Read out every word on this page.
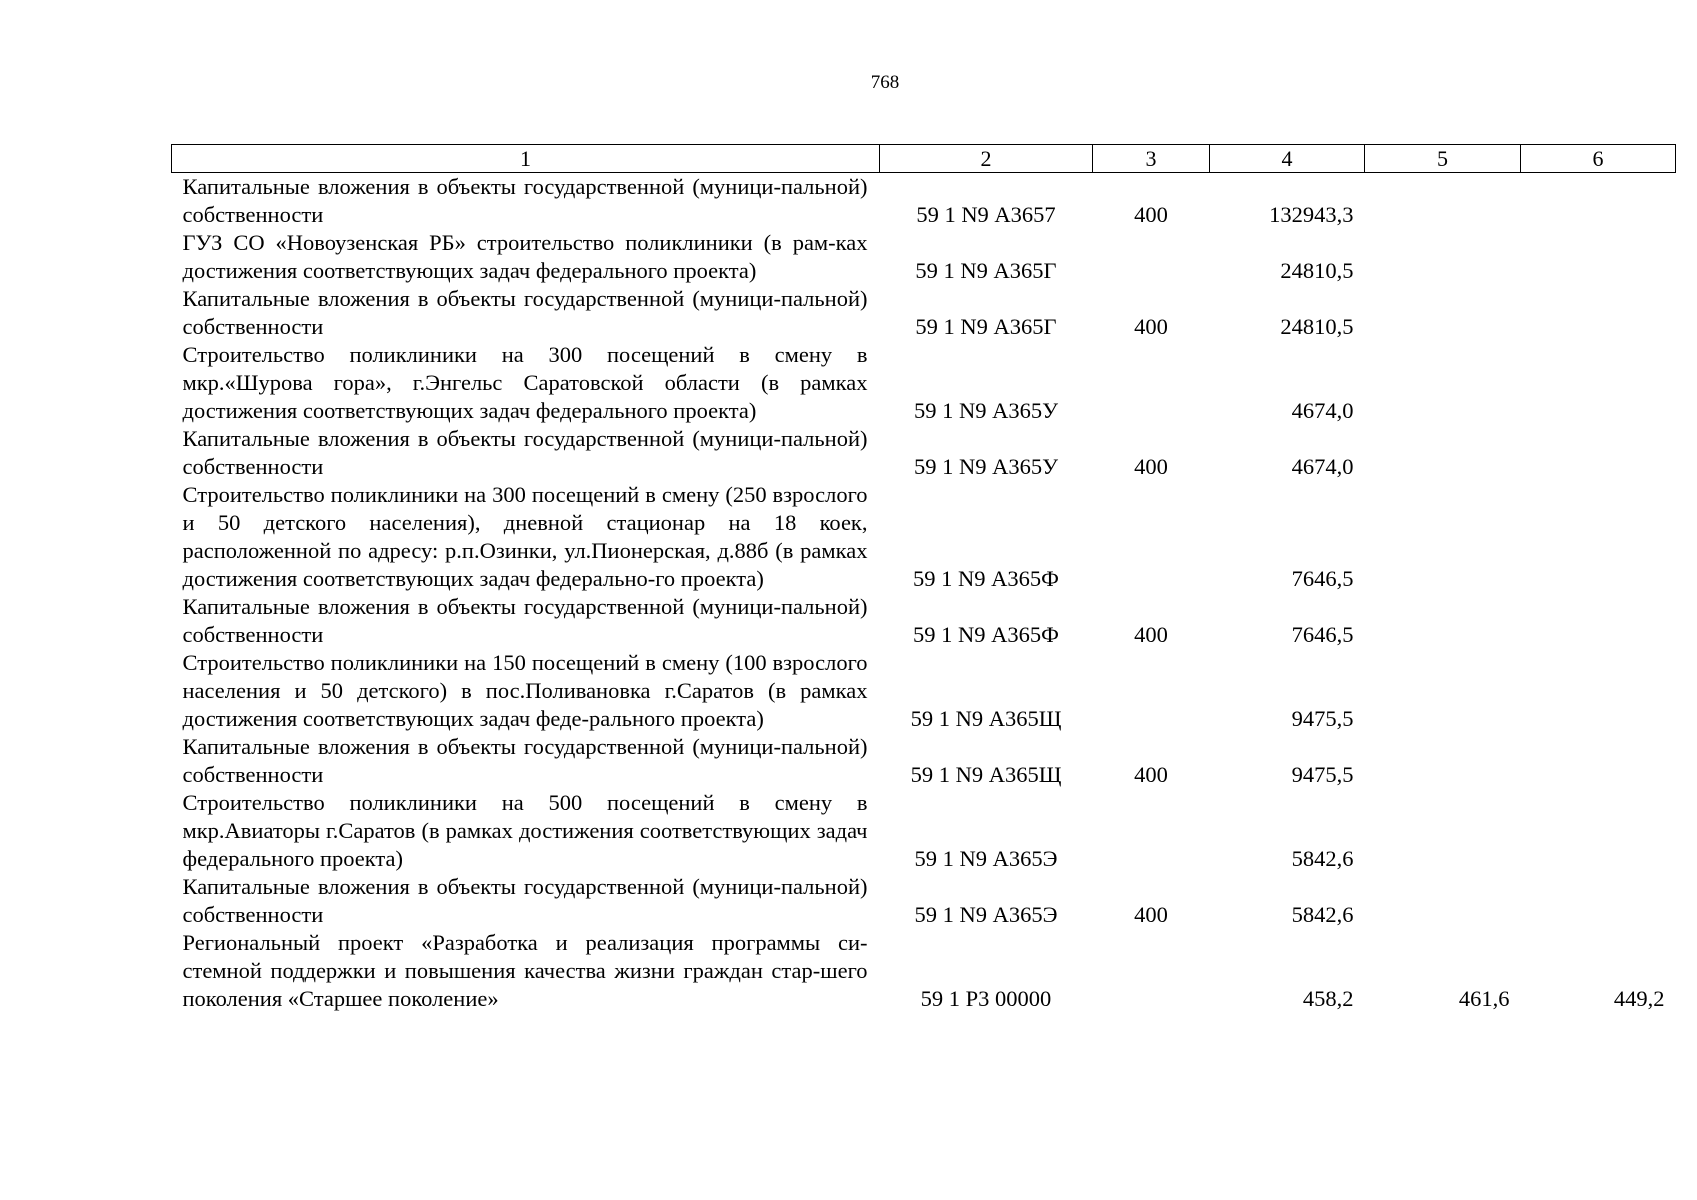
768
1	2	3	4	5	6
Капитальные вложения в объекты государственной (муници-пальной) собственности	59 1 N9 А3657	400	132943,3		
ГУЗ СО «Новоузенская РБ» строительство поликлиники (в рам-ках достижения соответствующих задач федерального проекта)	59 1 N9 А365Г		24810,5		
Капитальные вложения в объекты государственной (муници-пальной) собственности	59 1 N9 А365Г	400	24810,5		
Строительство поликлиники на 300 посещений в смену в мкр.«Шурова гора», г.Энгельс Саратовской области (в рамках достижения соответствующих задач федерального проекта)	59 1 N9 А365У		4674,0		
Капитальные вложения в объекты государственной (муници-пальной) собственности	59 1 N9 А365У	400	4674,0		
Строительство поликлиники на 300 посещений в смену (250 взрослого и 50 детского населения), дневной стационар на 18 коек, расположенной по адресу: р.п.Озинки, ул.Пионерская, д.88б (в рамках достижения соответствующих задач федерально-го проекта)	59 1 N9 А365Ф		7646,5		
Капитальные вложения в объекты государственной (муници-пальной) собственности	59 1 N9 А365Ф	400	7646,5		
Строительство поликлиники на 150 посещений в смену (100 взрослого населения и 50 детского) в пос.Поливановка г.Саратов (в рамках достижения соответствующих задач феде-рального проекта)	59 1 N9 А365Щ		9475,5		
Капитальные вложения в объекты государственной (муници-пальной) собственности	59 1 N9 А365Щ	400	9475,5		
Строительство поликлиники на 500 посещений в смену в мкр.Авиаторы г.Саратов (в рамках достижения соответствующих задач федерального проекта)	59 1 N9 А365Э		5842,6		
Капитальные вложения в объекты государственной (муници-пальной) собственности	59 1 N9 А365Э	400	5842,6		
Региональный проект «Разработка и реализация программы си-стемной поддержки и повышения качества жизни граждан стар-шего поколения «Старшее поколение»	59 1 P3 00000		458,2	461,6	449,2
